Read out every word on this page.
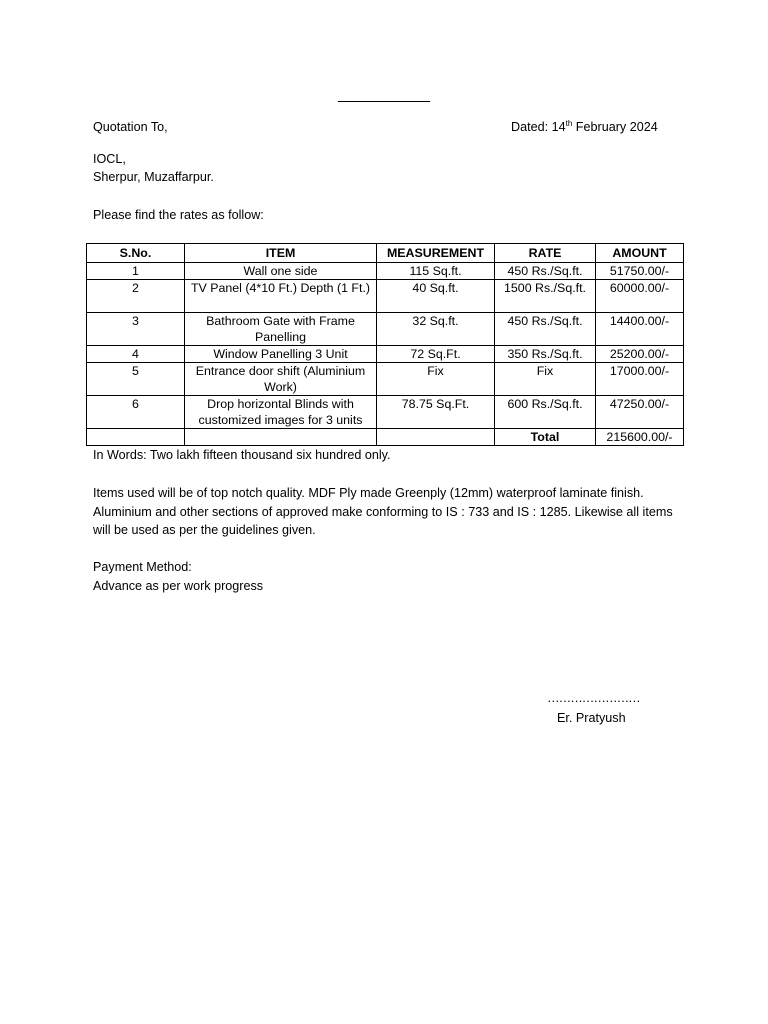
Quotation To,	Dated: 14th February 2024
IOCL,
Sherpur, Muzaffarpur.
Please find the rates as follow:
S.No.	ITEM	MEASUREMENT	RATE	AMOUNT
1	Wall one side	115 Sq.ft.	450 Rs./Sq.ft.	51750.00/-
2	TV Panel (4*10 Ft.) Depth (1 Ft.)	40 Sq.ft.	1500 Rs./Sq.ft.	60000.00/-
3	Bathroom Gate with Frame Panelling	32 Sq.ft.	450 Rs./Sq.ft.	14400.00/-
4	Window Panelling 3 Unit	72 Sq.Ft.	350 Rs./Sq.ft.	25200.00/-
5	Entrance door shift (Aluminium Work)	Fix	Fix	17000.00/-
6	Drop horizontal Blinds with customized images for 3 units	78.75 Sq.Ft.	600 Rs./Sq.ft.	47250.00/-
			Total	215600.00/-
In Words: Two lakh fifteen thousand six hundred only.
Items used will be of top notch quality. MDF Ply made Greenply (12mm) waterproof laminate finish. Aluminium and other sections of approved make conforming to IS : 733 and IS : 1285. Likewise all items will be used as per the guidelines given.
Payment Method:
Advance as per work progress
……………………
Er. Pratyush
